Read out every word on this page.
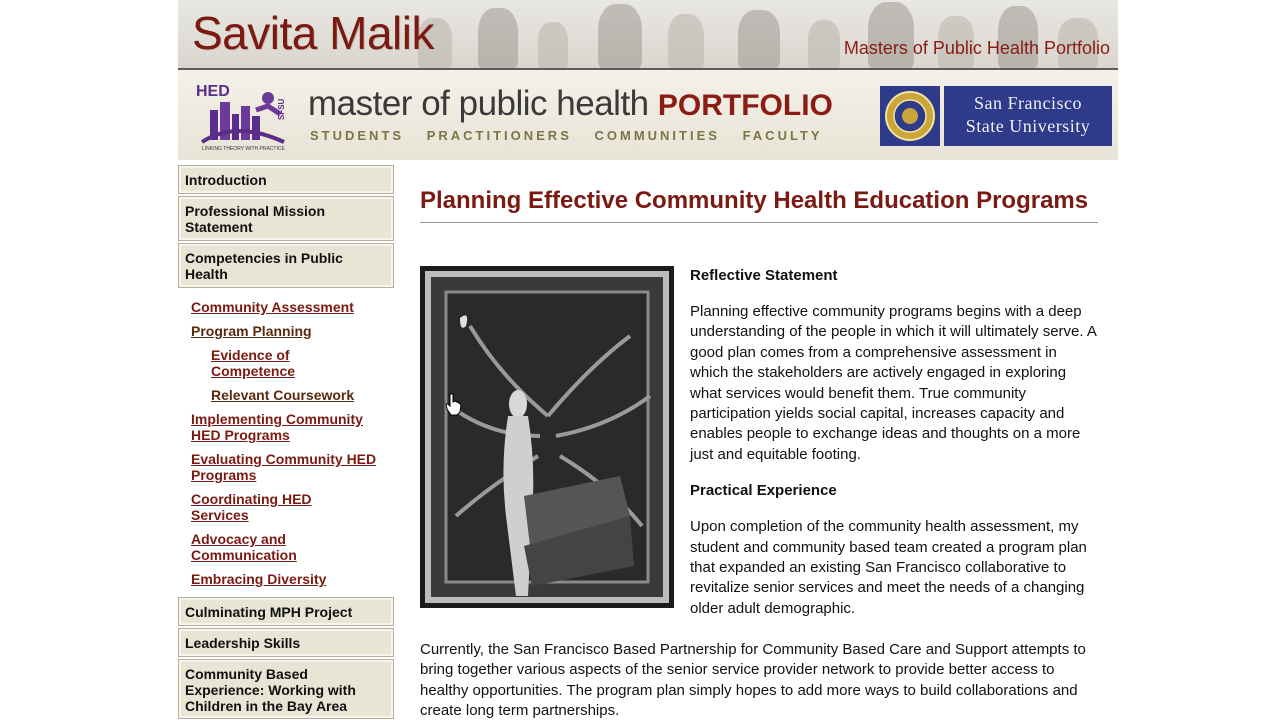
Savita Malik	Masters of Public Health Portfolio
HED
SFSU
LINKING THEORY WITH PRACTICE
master of public health PORTFOLIO
STUDENTS PRACTITIONERS COMMUNITIES FACULTY
San Francisco
State University
Introduction
Professional Mission Statement
Competencies in Public Health
Community Assessment
Program Planning
Evidence of Competence
Relevant Coursework
Implementing Community HED Programs
Evaluating Community HED Programs
Coordinating HED Services
Advocacy and Communication
Embracing Diversity
Culminating MPH Project
Leadership Skills
Community Based Experience: Working with Children in the Bay Area
Planning Effective Community Health Education Programs
Reflective Statement

Planning effective community programs begins with a deep understanding of the people in which it will ultimately serve. A good plan comes from a comprehensive assessment in which the stakeholders are actively engaged in exploring what services would benefit them. True community participation yields social capital, increases capacity and enables people to exchange ideas and thoughts on a more just and equitable footing.

Practical Experience

Upon completion of the community health assessment, my student and community based team created a program plan that expanded an existing San Francisco collaborative to revitalize senior services and meet the needs of a changing older adult demographic.

Currently, the San Francisco Based Partnership for Community Based Care and Support attempts to bring together various aspects of the senior service provider network to provide better access to healthy opportunities. The program plan simply hopes to add more ways to build collaborations and create long term partnerships.
